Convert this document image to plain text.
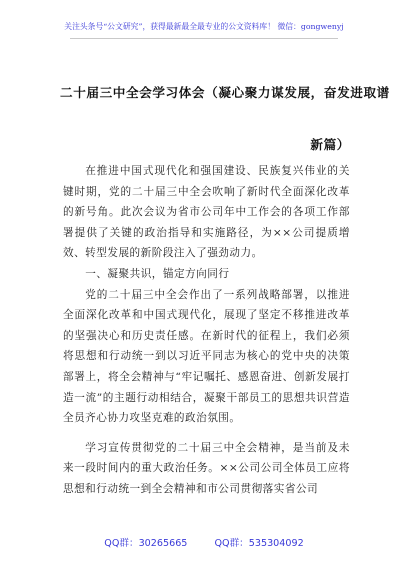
关注头条号“公文研究”，获得最新最全最专业的公文资料库！ 微信：gongwenyj
二十届三中全会学习体会（凝心聚力谋发展，奋发进取谱
新篇）

在推进中国式现代化和强国建设、民族复兴伟业的关键时期，党的二十届三中全会吹响了新时代全面深化改革的新号角。此次会议为省市公司年中工作会的各项工作部署提供了关键的政治指导和实施路径，为××公司提质增效、转型发展的新阶段注入了强劲动力。

一、凝聚共识，锚定方向同行

党的二十届三中全会作出了一系列战略部署，以推进全面深化改革和中国式现代化，展现了坚定不移推进改革的坚强决心和历史责任感。在新时代的征程上，我们必须将思想和行动统一到以习近平同志为核心的党中央的决策部署上，将全会精神与“牢记嘱托、感恩奋进、创新发展打造一流”的主题行动相结合，凝聚干部员工的思想共识营造全员齐心协力攻坚克难的政治氛围。

学习宣传贯彻党的二十届三中全会精神，是当前及未来一段时间内的重大政治任务。××公司公司全体员工应将思想和行动统一到全会精神和市公司贯彻落实省公司

QQ群：30265665	QQ群：535304092
